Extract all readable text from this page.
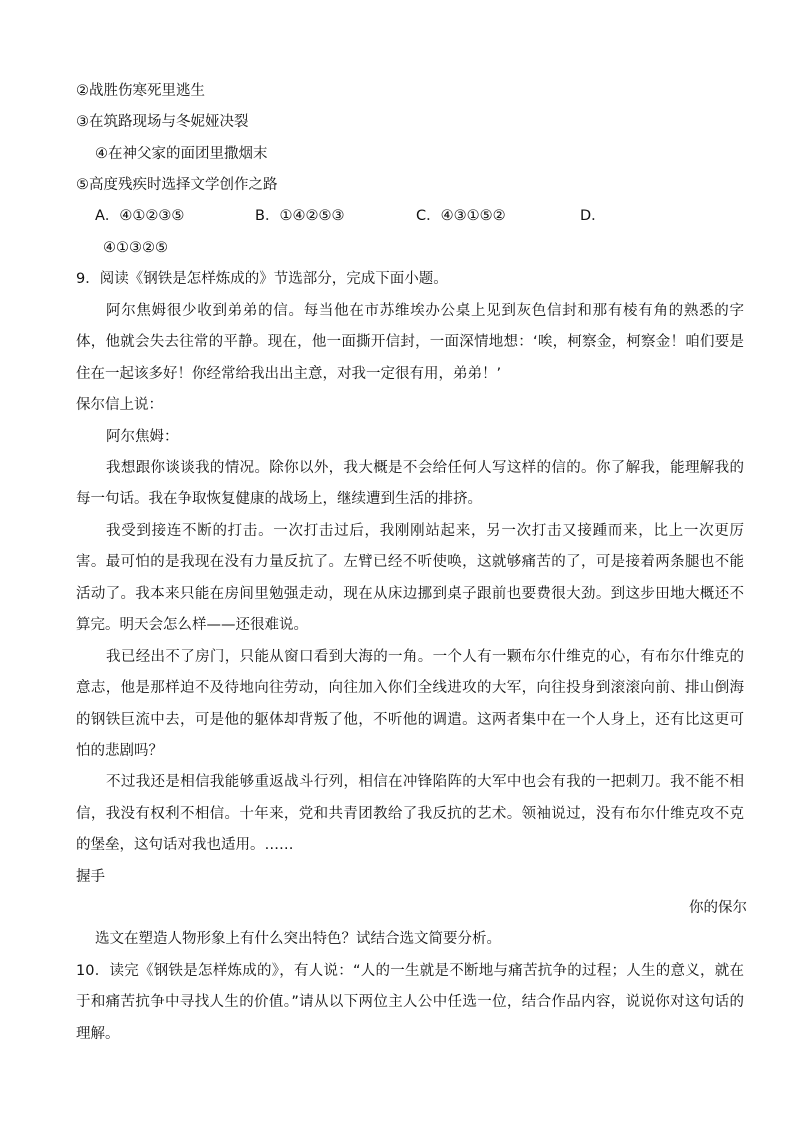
②战胜伤寒死里逃生
③在筑路现场与冬妮娅决裂
④在神父家的面团里撒烟末
⑤高度残疾时选择文学创作之路
A．④①②③⑤	B．①④②⑤③	C．④③①⑤②	D．
④①③②⑤
9．阅读《钢铁是怎样炼成的》节选部分，完成下面小题。
阿尔焦姆很少收到弟弟的信。每当他在市苏维埃办公桌上见到灰色信封和那有棱有角的熟悉的字
体，他就会失去往常的平静。现在，他一面撕开信封，一面深情地想：‘唉，柯察金，柯察金！咱们要是
住在一起该多好！你经常给我出出主意，对我一定很有用，弟弟！’
保尔信上说：
阿尔焦姆：
我想跟你谈谈我的情况。除你以外，我大概是不会给任何人写这样的信的。你了解我，能理解我的
每一句话。我在争取恢复健康的战场上，继续遭到生活的排挤。
我受到接连不断的打击。一次打击过后，我刚刚站起来，另一次打击又接踵而来，比上一次更厉
害。最可怕的是我现在没有力量反抗了。左臂已经不听使唤，这就够痛苦的了，可是接着两条腿也不能
活动了。我本来只能在房间里勉强走动，现在从床边挪到桌子跟前也要费很大劲。到这步田地大概还不
算完。明天会怎么样——还很难说。
我已经出不了房门，只能从窗口看到大海的一角。一个人有一颗布尔什维克的心，有布尔什维克的
意志，他是那样迫不及待地向往劳动，向往加入你们全线进攻的大军，向往投身到滚滚向前、排山倒海
的钢铁巨流中去，可是他的躯体却背叛了他，不听他的调遣。这两者集中在一个人身上，还有比这更可
怕的悲剧吗？
不过我还是相信我能够重返战斗行列，相信在冲锋陷阵的大军中也会有我的一把刺刀。我不能不相
信，我没有权利不相信。十年来，党和共青团教给了我反抗的艺术。领袖说过，没有布尔什维克攻不克
的堡垒，这句话对我也适用。……
握手
你的保尔
选文在塑造人物形象上有什么突出特色？试结合选文简要分析。
10．读完《钢铁是怎样炼成的》，有人说：“人的一生就是不断地与痛苦抗争的过程；人生的意义，就在
于和痛苦抗争中寻找人生的价值。”请从以下两位主人公中任选一位，结合作品内容，说说你对这句话的
理解。
